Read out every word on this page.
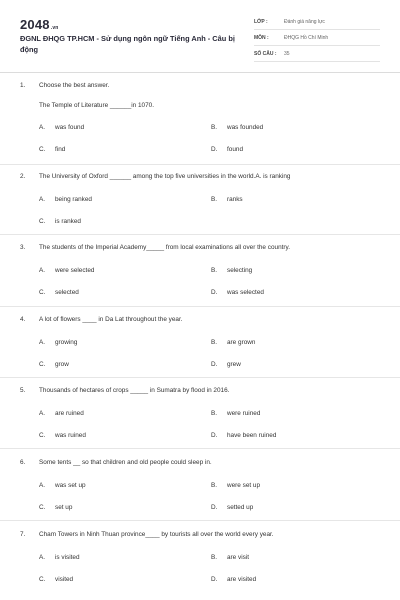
2048.vn
ĐGNL ĐHQG TP.HCM - Sử dụng ngôn ngữ Tiếng Anh - Câu bị động
LỚP :	Đánh giá năng lực
MÔN :	ĐHQG Hồ Chí Minh
SỐ CÂU : 35
1. Choose the best answer.
The Temple of Literature ______in 1070.
A. was found	B. was founded
C. find	D. found
2. The University of Oxford ______ among the top five universities in the world.A. is ranking
A. being ranked	B. ranks
C. is ranked
3. The students of the Imperial Academy_____ from local examinations all over the country.
A. were selected	B. selecting
C. selected	D. was selected
4. A lot of flowers ____ in Da Lat throughout the year.
A. growing	B. are grown
C. grow	D. grew
5. Thousands of hectares of crops _____ in Sumatra by flood in 2016.
A. are ruined	B. were ruined
C. was ruined	D. have been ruined
6. Some tents __ so that children and old people could sleep in.
A. was set up	B. were set up
C. set up	D. setted up
7. Cham Towers in Ninh Thuan province____ by tourists all over the world every year.
A. is visited	B. are visit
C. visited	D. are visited
